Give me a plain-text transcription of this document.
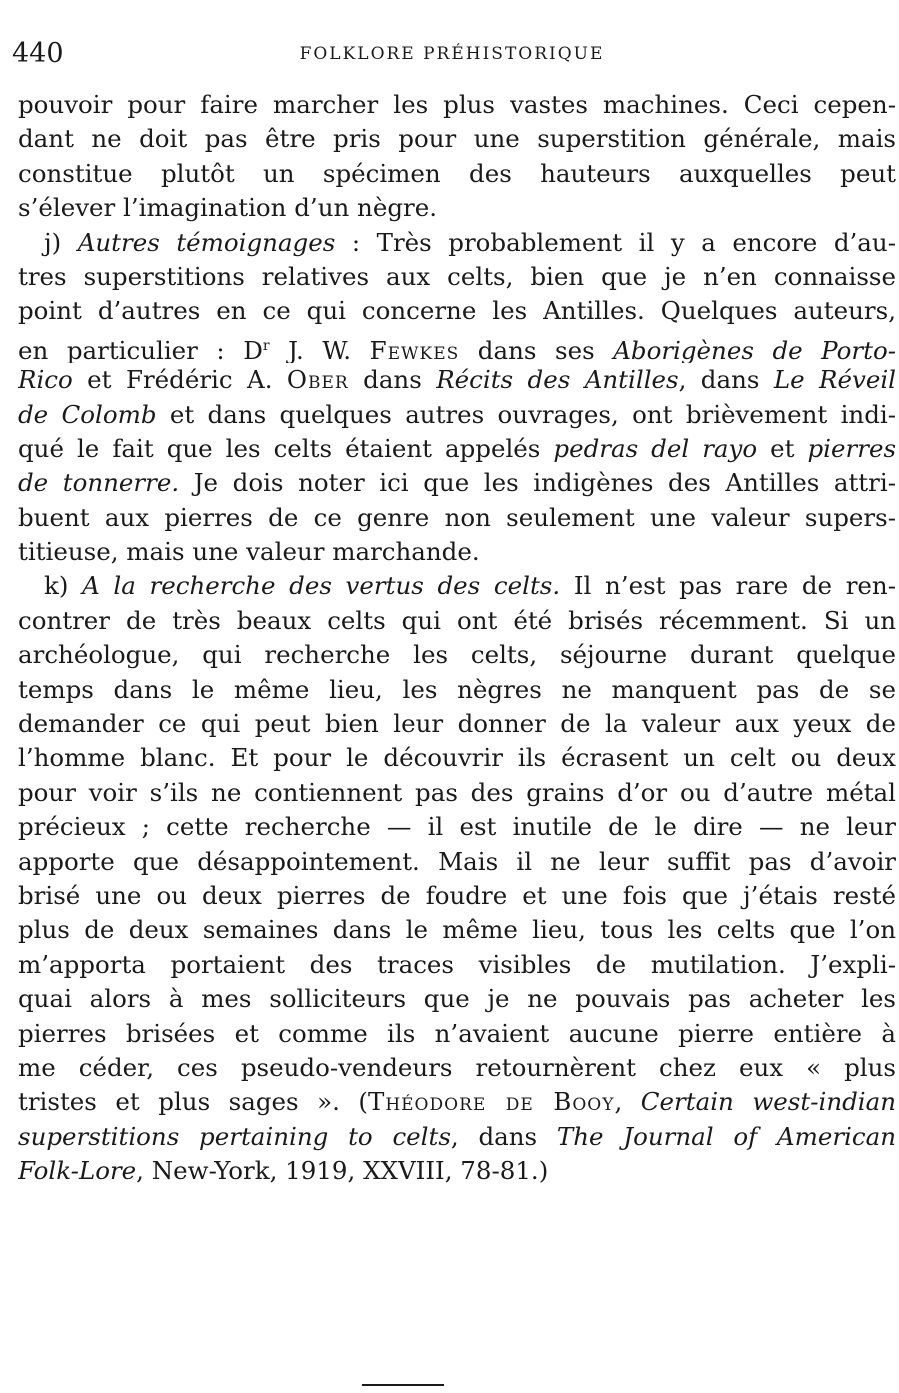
440	FOLKLORE PRÉHISTORIQUE
pouvoir pour faire marcher les plus vastes machines. Ceci cepen-
dant ne doit pas être pris pour une superstition générale, mais
constitue plutôt un spécimen des hauteurs auxquelles peut
s’élever l’imagination d’un nègre.
j) Autres témoignages : Très probablement il y a encore d’au-
tres superstitions relatives aux celts, bien que je n’en connaisse
point d’autres en ce qui concerne les Antilles. Quelques auteurs,
en particulier : $D^r$ J. W. Fewkes dans ses Aborigènes de Porto-
Rico et Frédéric A. Ober dans Récits des Antilles, dans Le Réveil
de Colomb et dans quelques autres ouvrages, ont brièvement indi-
qué le fait que les celts étaient appelés pedras del rayo et pierres
de tonnerre. Je dois noter ici que les indigènes des Antilles attri-
buent aux pierres de ce genre non seulement une valeur supers-
titieuse, mais une valeur marchande.
k) A la recherche des vertus des celts. Il n’est pas rare de ren-
contrer de très beaux celts qui ont été brisés récemment. Si un
archéologue, qui recherche les celts, séjourne durant quelque
temps dans le même lieu, les nègres ne manquent pas de se
demander ce qui peut bien leur donner de la valeur aux yeux de
l’homme blanc. Et pour le découvrir ils écrasent un celt ou deux
pour voir s’ils ne contiennent pas des grains d’or ou d’autre métal
précieux ; cette recherche — il est inutile de le dire — ne leur
apporte que désappointement. Mais il ne leur suffit pas d’avoir
brisé une ou deux pierres de foudre et une fois que j’étais resté
plus de deux semaines dans le même lieu, tous les celts que l’on
m’apporta portaient des traces visibles de mutilation. J’expli-
quai alors à mes solliciteurs que je ne pouvais pas acheter les
pierres brisées et comme ils n’avaient aucune pierre entière à
me céder, ces pseudo-vendeurs retournèrent chez eux « plus
tristes et plus sages ». (Théodore de Booy, Certain west-indian
superstitions pertaining to celts, dans The Journal of American
Folk-Lore, New-York, 1919, XXVIII, 78-81.)
